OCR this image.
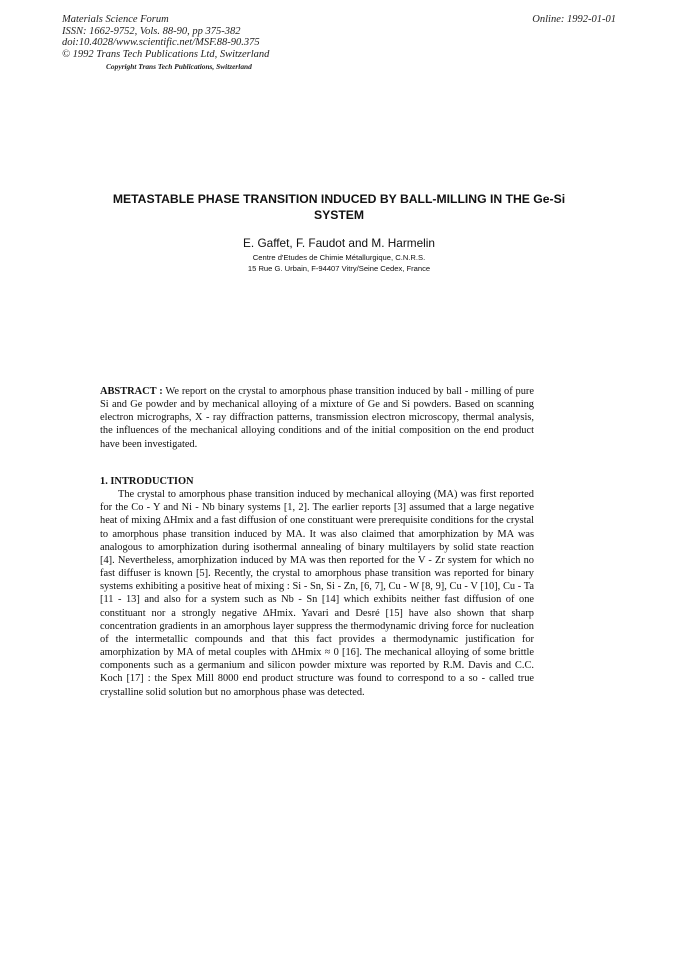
Materials Science Forum
ISSN: 1662-9752, Vols. 88-90, pp 375-382
doi:10.4028/www.scientific.net/MSF.88-90.375
© 1992 Trans Tech Publications Ltd, Switzerland
Copyright Trans Tech Publications, Switzerland
Online: 1992-01-01
METASTABLE PHASE TRANSITION INDUCED BY BALL-MILLING IN THE Ge-Si SYSTEM
E. Gaffet, F. Faudot and M. Harmelin
Centre d'Etudes de Chimie Métallurgique, C.N.R.S.
15 Rue G. Urbain, F-94407 Vitry/Seine Cedex, France
ABSTRACT : We report on the crystal to amorphous phase transition induced by ball - milling of pure Si and Ge powder and by mechanical alloying of a mixture of Ge and Si powders. Based on scanning electron micrographs, X - ray diffraction patterns, transmission electron microscopy, thermal analysis, the influences of the mechanical alloying conditions and of the initial composition on the end product have been investigated.
1. INTRODUCTION
The crystal to amorphous phase transition induced by mechanical alloying (MA) was first reported for the Co - Y and Ni - Nb binary systems [1, 2]. The earlier reports [3] assumed that a large negative heat of mixing ΔHmix and a fast diffusion of one constituant were prerequisite conditions for the crystal to amorphous phase transition induced by MA. It was also claimed that amorphization by MA was analogous to amorphization during isothermal annealing of binary multilayers by solid state reaction [4]. Nevertheless, amorphization induced by MA was then reported for the V - Zr system for which no fast diffuser is known [5]. Recently, the crystal to amorphous phase transition was reported for binary systems exhibiting a positive heat of mixing : Si - Sn, Si - Zn, [6, 7], Cu - W [8, 9], Cu - V [10], Cu - Ta [11 - 13] and also for a system such as Nb - Sn [14] which exhibits neither fast diffusion of one constituant nor a strongly negative ΔHmix. Yavari and Desré [15] have also shown that sharp concentration gradients in an amorphous layer suppress the thermodynamic driving force for nucleation of the intermetallic compounds and that this fact provides a thermodynamic justification for amorphization by MA of metal couples with ΔHmix ≈ 0 [16]. The mechanical alloying of some brittle components such as a germanium and silicon powder mixture was reported by R.M. Davis and C.C. Koch [17] : the Spex Mill 8000 end product structure was found to correspond to a so - called true crystalline solid solution but no amorphous phase was detected.
